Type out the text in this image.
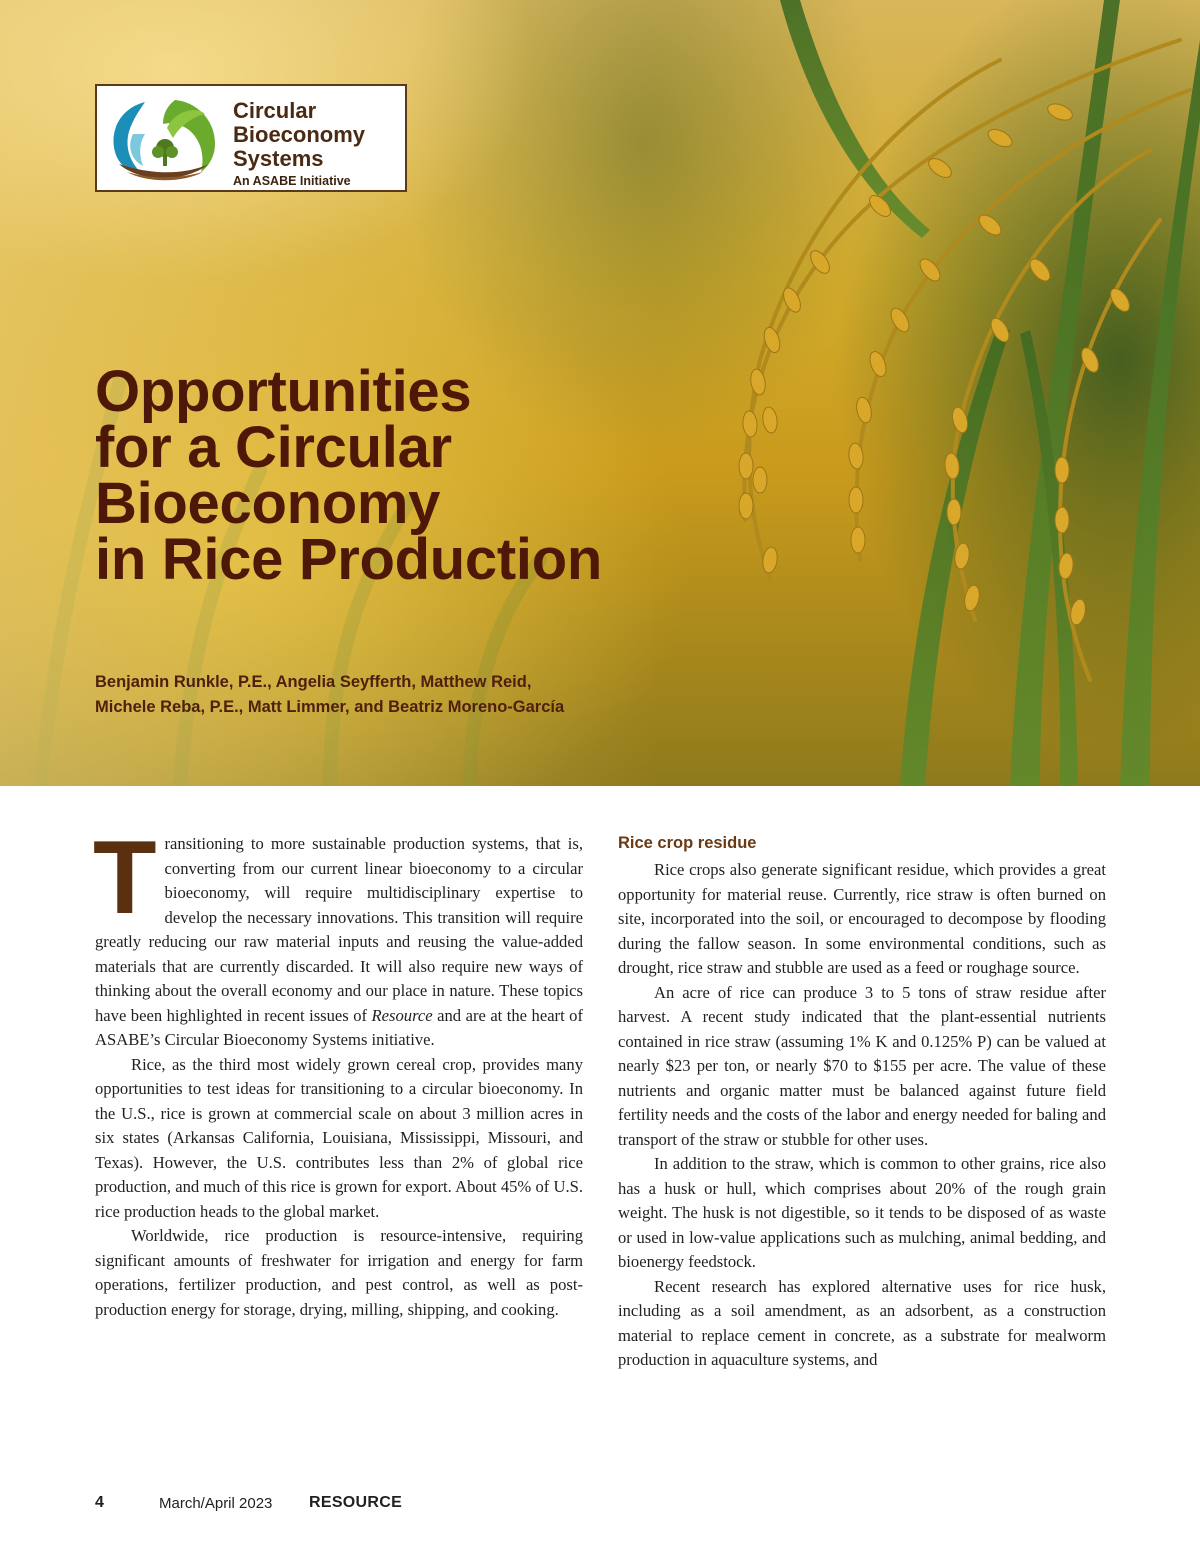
Circular
Bioeconomy
Systems
An ASABE Initiative
Opportunities
for a Circular
Bioeconomy
in Rice Production
Benjamin Runkle, P.E., Angelia Seyfferth, Matthew Reid,
Michele Reba, P.E., Matt Limmer, and Beatriz Moreno-García

Transitioning to more sustainable production systems, that is, converting from our current linear bioeconomy to a circular bioeconomy, will require multidisciplinary expertise to develop the necessary innovations. This transition will require greatly reducing our raw material inputs and reusing the value-added materials that are currently discarded. It will also require new ways of thinking about the overall economy and our place in nature. These topics have been highlighted in recent issues of Resource and are at the heart of ASABE’s Circular Bioeconomy Systems initiative.

Rice, as the third most widely grown cereal crop, provides many opportunities to test ideas for transitioning to a circular bioeconomy. In the U.S., rice is grown at commercial scale on about 3 million acres in six states (Arkansas California, Louisiana, Mississippi, Missouri, and Texas). However, the U.S. contributes less than 2% of global rice production, and much of this rice is grown for export. About 45% of U.S. rice production heads to the global market.

Worldwide, rice production is resource-intensive, requiring significant amounts of freshwater for irrigation and energy for farm operations, fertilizer production, and pest control, as well as post-production energy for storage, drying, milling, shipping, and cooking.

Rice crop residue

Rice crops also generate significant residue, which provides a great opportunity for material reuse. Currently, rice straw is often burned on site, incorporated into the soil, or encouraged to decompose by flooding during the fallow season. In some environmental conditions, such as drought, rice straw and stubble are used as a feed or roughage source.

An acre of rice can produce 3 to 5 tons of straw residue after harvest. A recent study indicated that the plant-essential nutrients contained in rice straw (assuming 1% K and 0.125% P) can be valued at nearly $23 per ton, or nearly $70 to $155 per acre. The value of these nutrients and organic matter must be balanced against future field fertility needs and the costs of the labor and energy needed for baling and transport of the straw or stubble for other uses.

In addition to the straw, which is common to other grains, rice also has a husk or hull, which comprises about 20% of the rough grain weight. The husk is not digestible, so it tends to be disposed of as waste or used in low-value applications such as mulching, animal bedding, and bioenergy feedstock.

Recent research has explored alternative uses for rice husk, including as a soil amendment, as an adsorbent, as a construction material to replace cement in concrete, as a substrate for mealworm production in aquaculture systems, and

4	March/April 2023 RESOURCE
